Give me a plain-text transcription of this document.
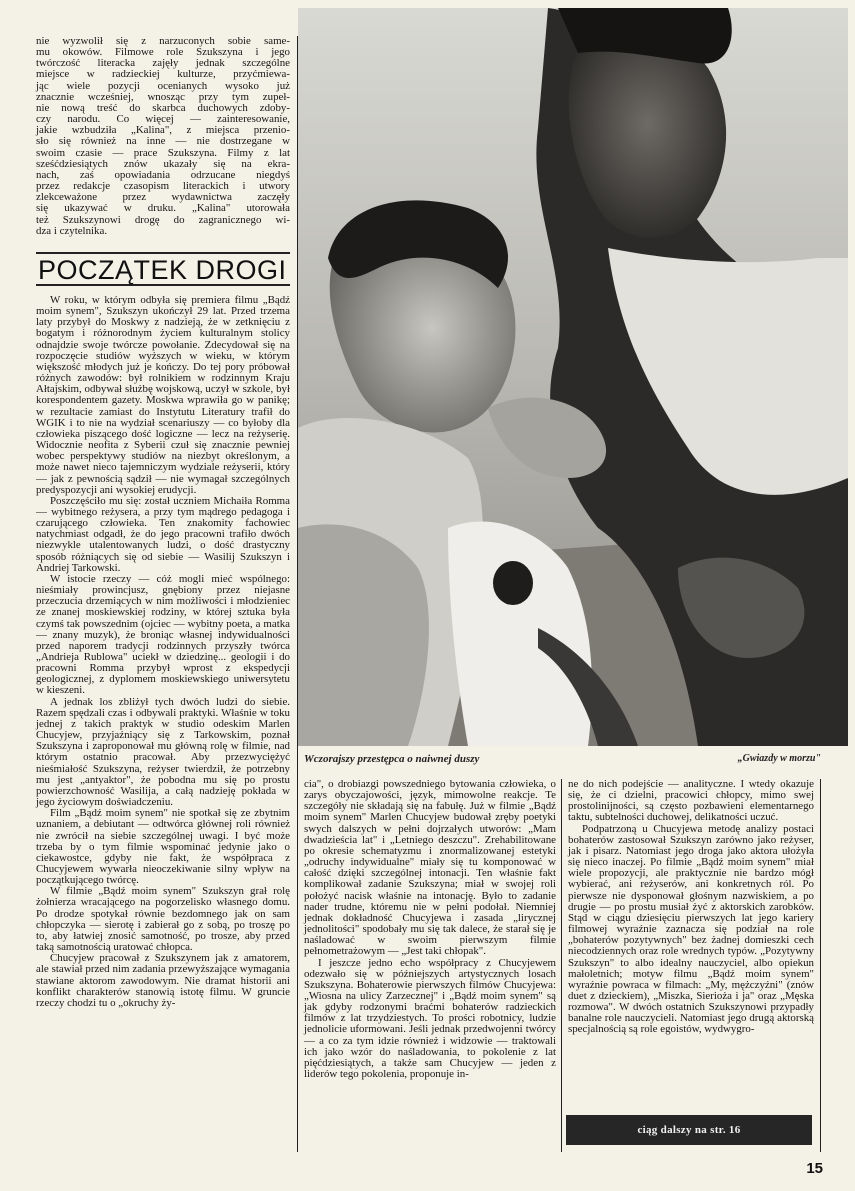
nie wyzwolił się z narzuconych sobie same-
mu okowów. Filmowe role Szukszyna i jego
twórczość literacka zajęły jednak szczególne
miejsce w radzieckiej kulturze, przyćmiewa-
jąc wiele pozycji ocenianych wysoko już
znacznie wcześniej, wnosząc przy tym zupeł-
nie nową treść do skarbca duchowych zdoby-
czy narodu. Co więcej — zainteresowanie,
jakie wzbudziła „Kalina", z miejsca przenio-
sło się również na inne — nie dostrzegane w
swoim czasie — prace Szukszyna. Filmy z lat
sześćdziesiątych znów ukazały się na ekra-
nach, zaś opowiadania odrzucane niegdyś
przez redakcje czasopism literackich i utwory
zlekceważone przez wydawnictwa zaczęły
się ukazywać w druku. „Kalina" utorowała
też Szukszynowi drogę do zagranicznego wi-
dza i czytelnika.
POCZĄTEK DROGI

W roku, w którym odbyła się premiera filmu „Bądź moim synem", Szukszyn ukończył 29 lat. Przed trzema laty przybył do Moskwy z nadzieją, że w zetknięciu z bogatym i różnorodnym życiem kulturalnym stolicy odnajdzie swoje twórcze powołanie. Zdecydował się na rozpoczęcie studiów wyższych w wieku, w którym większość młodych już je kończy. Do tej pory próbował różnych zawodów: był rolnikiem w rodzinnym Kraju Ałtajskim, odbywał służbę wojskową, uczył w szkole, był korespondentem gazety. Moskwa wprawiła go w panikę; w rezultacie zamiast do Instytutu Literatury trafił do WGIK i to nie na wydział scenariuszy — co byłoby dla człowieka piszącego dość logiczne — lecz na reżyserię. Widocznie neofita z Syberii czuł się znacznie pewniej wobec perspektywy studiów na niezbyt określonym, a może nawet nieco tajemniczym wydziale reżyserii, który — jak z pewnością sądził — nie wymagał szczególnych predyspozycji ani wysokiej erudycji.

Poszczęściło mu się: został uczniem Michaiła Romma — wybitnego reżysera, a przy tym mądrego pedagoga i czarującego człowieka. Ten znakomity fachowiec natychmiast odgadł, że do jego pracowni trafiło dwóch niezwykle utalentowanych ludzi, o dość drastyczny sposób różniących się od siebie — Wasilij Szukszyn i Andriej Tarkowski.

W istocie rzeczy — cóż mogli mieć wspólnego: nieśmiały prowincjusz, gnębiony przez niejasne przeczucia drzemiących w nim możliwości i młodzieniec ze znanej moskiewskiej rodziny, w której sztuka była czymś tak powszednim (ojciec — wybitny poeta, a matka — znany muzyk), że broniąc własnej indywidualności przed naporem tradycji rodzinnych przyszły twórca „Andrieja Rublowa" uciekł w dziedzinę... geologii i do pracowni Romma przybył wprost z ekspedycji geologicznej, z dyplomem moskiewskiego uniwersytetu w kieszeni.

A jednak los zbliżył tych dwóch ludzi do siebie. Razem spędzali czas i odbywali praktyki. Właśnie w toku jednej z takich praktyk w studio odeskim Marlen Chucyjew, przyjaźniący się z Tarkowskim, poznał Szukszyna i zaproponował mu główną rolę w filmie, nad którym ostatnio pracował. Aby przezwyciężyć nieśmiałość Szukszyna, reżyser twierdził, że potrzebny mu jest „antyaktor", że pobodna mu się po prostu powierzchowność Wasilija, a całą nadzieję pokłada w jego życiowym doświadczeniu.

Film „Bądź moim synem" nie spotkał się ze zbytnim uznaniem, a debiutant — odtwórca głównej roli również nie zwrócił na siebie szczególnej uwagi. I być może trzeba by o tym filmie wspominać jedynie jako o ciekawostce, gdyby nie fakt, że współpraca z Chucyjewem wywarła nieoczekiwanie silny wpływ na początkującego twórcę.

W filmie „Bądź moim synem" Szukszyn grał rolę żołnierza wracającego na pogorzelisko własnego domu. Po drodze spotykał równie bezdomnego jak on sam chłopczyka — sierotę i zabierał go z sobą, po troszę po to, aby łatwiej znosić samotność, po trosze, aby przed taką samotnością uratować chłopca.

Chucyjew pracował z Szukszynem jak z amatorem, ale stawiał przed nim zadania przewyższające wymagania stawiane aktorom zawodowym. Nie dramat historii ani konflikt charakterów stanowią istotę filmu. W gruncie rzeczy chodzi tu o „okruchy ży-

Wczorajszy przestępca o naiwnej duszy	„Gwiazdy w morzu"

cia", o drobiazgi powszedniego bytowania człowieka, o zarys obyczajowości, język, mimowolne reakcje. Te szczegóły nie składają się na fabułę. Już w filmie „Bądź moim synem" Marlen Chucyjew budował zręby poetyki swych dalszych w pełni dojrzałych utworów: „Mam dwadzieścia lat" i „Letniego deszczu". Zrehabilitowane po okresie schematyzmu i znormalizowanej estetyki „odruchy indywidualne" miały się tu komponować w całość dzięki szczególnej intonacji. Ten właśnie fakt komplikował zadanie Szukszyna; miał w swojej roli położyć nacisk właśnie na intonację. Było to zadanie nader trudne, któremu nie w pełni podołał. Niemniej jednak dokładność Chucyjewa i zasada „lirycznej jednolitości" spodobały mu się tak dalece, że starał się je naśladować w swoim pierwszym filmie pełnometrażowym — „Jest taki chłopak".

I jeszcze jedno echo współpracy z Chucyjewem odezwało się w późniejszych artystycznych losach Szukszyna. Bohaterowie pierwszych filmów Chucyjewa: „Wiosna na ulicy Zarzecznej" i „Bądź moim synem" są jak gdyby rodzonymi braćmi bohaterów radzieckich filmów z lat trzydziestych. To prości robotnicy, ludzie jednolicie uformowani. Jeśli jednak przedwojenni twórcy — a co za tym idzie również i widzowie — traktowali ich jako wzór do naśladowania, to pokolenie z lat pięćdziesiątych, a także sam Chucyjew — jeden z liderów tego pokolenia, proponuje in-

ne do nich podejście — analityczne. I wtedy okazuje się, że ci dzielni, pracowici chłopcy, mimo swej prostolinijności, są często pozbawieni elementarnego taktu, subtelności duchowej, delikatności uczuć.

Podpatrzoną u Chucyjewa metodę analizy postaci bohaterów zastosował Szukszyn zarówno jako reżyser, jak i pisarz. Natomiast jego droga jako aktora ułożyła się nieco inaczej. Po filmie „Bądź moim synem" miał wiele propozycji, ale praktycznie nie bardzo mógł wybierać, ani reżyserów, ani konkretnych ról. Po pierwsze nie dysponował głośnym nazwiskiem, a po drugie — po prostu musiał żyć z aktorskich zarobków. Stąd w ciągu dziesięciu pierwszych lat jego kariery filmowej wyraźnie zaznacza się podział na role „bohaterów pozytywnych" bez żadnej domieszki cech niecodziennych oraz role wrednych typów. „Pozytywny Szukszyn" to albo idealny nauczyciel, albo opiekun małoletnich; motyw filmu „Bądź moim synem" wyraźnie powraca w filmach: „My, mężczyźni" (znów duet z dzieckiem), „Miszka, Sierioża i ja" oraz „Męska rozmowa". W dwóch ostatnich Szukszynowi przypadły banalne role nauczycieli. Natomiast jego drugą aktorską specjalnością są role egoistów, wydwygro-

ciąg dalszy na str. 16
15
